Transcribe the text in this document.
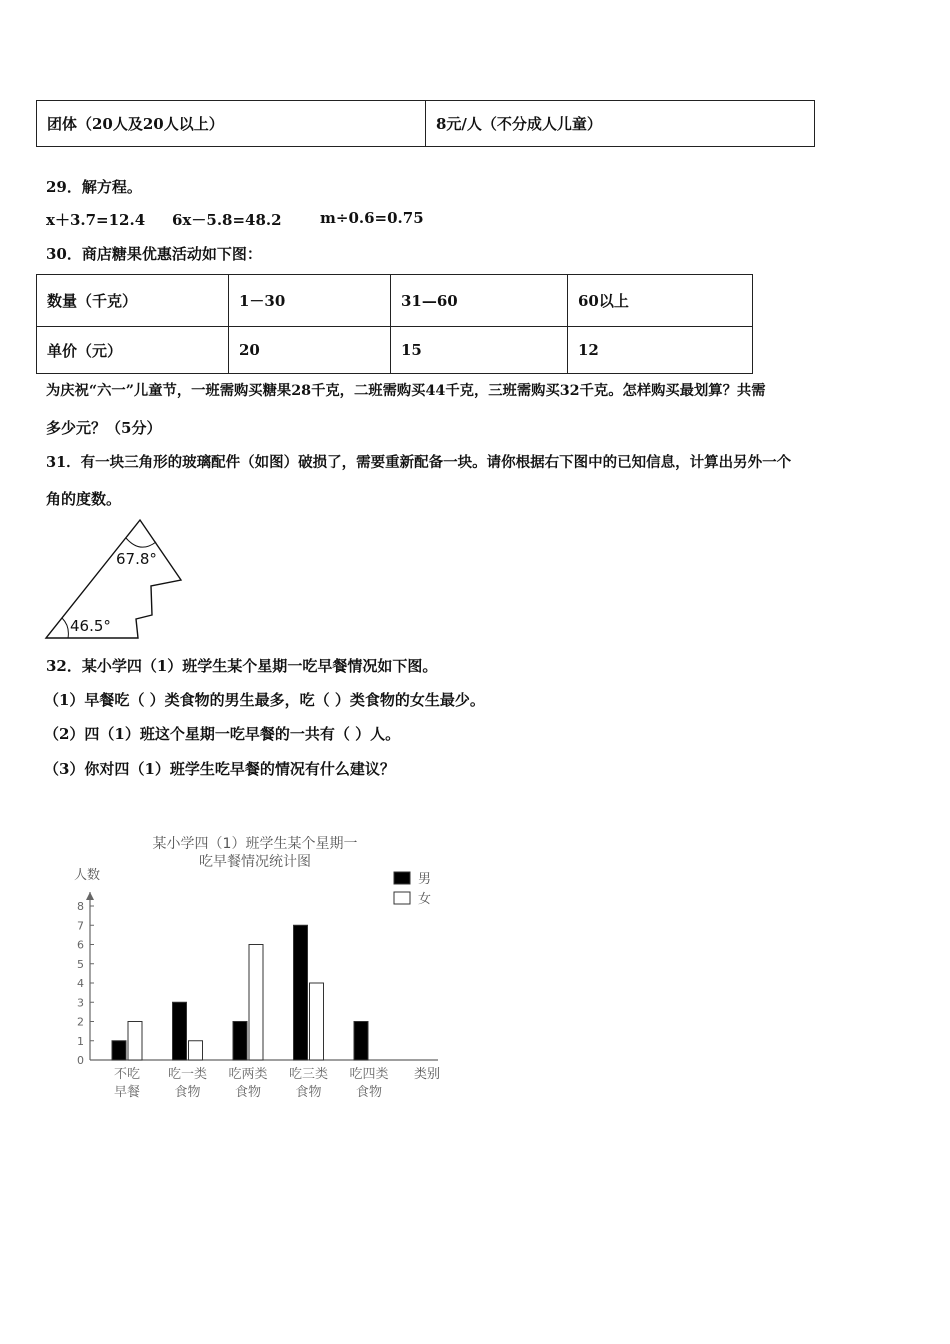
团体（20人及20人以上）	8元/人（不分成人儿童）
29．解方程。
x＋3.7=12.4 6x－5.8=48.2	m÷0.6=0.75
30．商店糖果优惠活动如下图：
数量（千克）	1－30	31—60	60以上
单价（元）	20	15	12
为庆祝“六一”儿童节，一班需购买糖果28千克，二班需购买44千克，三班需购买32千克。怎样购买最划算？共需
多少元？（5分）
31．有一块三角形的玻璃配件（如图）破损了，需要重新配备一块。请你根据右下图中的已知信息，计算出另外一个
角的度数。
67.8°
46.5°
32．某小学四（1）班学生某个星期一吃早餐情况如下图。
（1）早餐吃（ ）类食物的男生最多，吃（ ）类食物的女生最少。
（2）四（1）班这个星期一吃早餐的一共有（ ）人。
（3）你对四（1）班学生吃早餐的情况有什么建议？
某小学四（1）班学生某个星期一
吃早餐情况统计图
人数
类别
0
1
2
3
4
5
6
7
8
不吃
早餐
吃一类
食物
吃两类
食物
吃三类
食物
吃四类
食物
男
女
